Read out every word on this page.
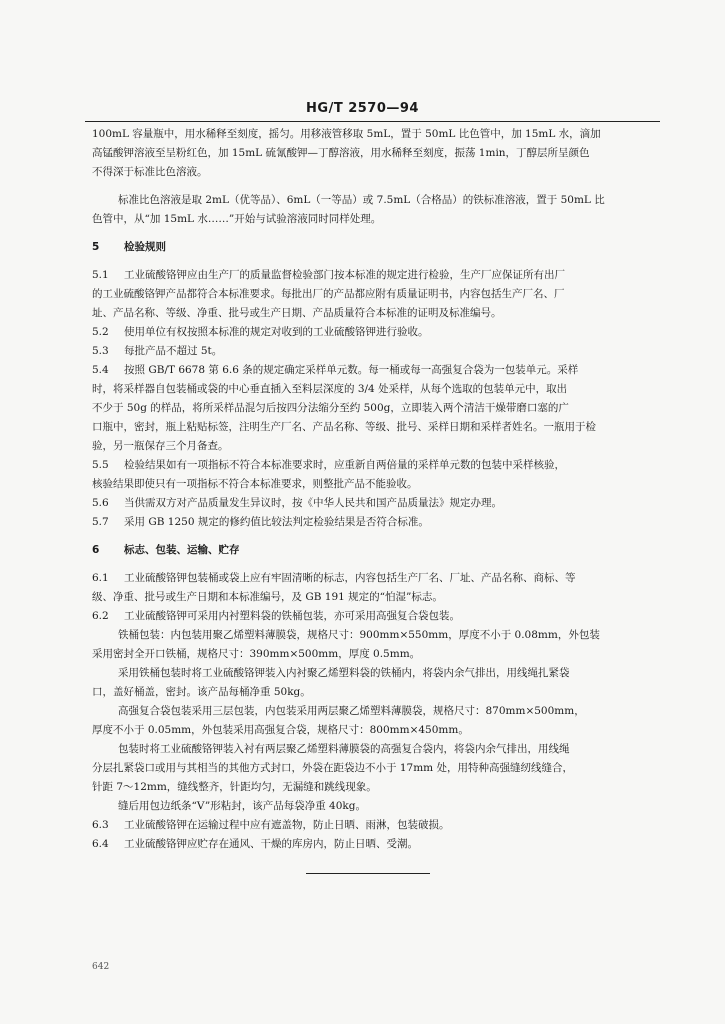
HG/T 2570—94
100mL 容量瓶中，用水稀释至刻度，摇匀。用移液管移取 5mL，置于 50mL 比色管中，加 15mL 水，滴加
高锰酸钾溶液至呈粉红色，加 15mL 硫氰酸钾—丁醇溶液，用水稀释至刻度，振荡 1min，丁醇层所呈颜色
不得深于标准比色溶液。
标准比色溶液是取 2mL（优等品）、6mL（一等品）或 7.5mL（合格品）的铁标准溶液，置于 50mL 比
色管中，从“加 15mL 水……”开始与试验溶液同时同样处理。
5 检验规则
5.1 工业硫酸铬钾应由生产厂的质量监督检验部门按本标准的规定进行检验，生产厂应保证所有出厂
的工业硫酸铬钾产品都符合本标准要求。每批出厂的产品都应附有质量证明书，内容包括生产厂名、厂
址、产品名称、等级、净重、批号或生产日期、产品质量符合本标准的证明及标准编号。
5.2 使用单位有权按照本标准的规定对收到的工业硫酸铬钾进行验收。
5.3 每批产品不超过 5t。
5.4 按照 GB/T 6678 第 6.6 条的规定确定采样单元数。每一桶或每一高强复合袋为一包装单元。采样
时，将采样器自包装桶或袋的中心垂直插入至料层深度的 3/4 处采样，从每个选取的包装单元中，取出
不少于 50g 的样品，将所采样品混匀后按四分法缩分至约 500g，立即装入两个清洁干燥带磨口塞的广
口瓶中，密封，瓶上粘贴标签，注明生产厂名、产品名称、等级、批号、采样日期和采样者姓名。一瓶用于检
验，另一瓶保存三个月备查。
5.5 检验结果如有一项指标不符合本标准要求时，应重新自两倍量的采样单元数的包装中采样核验，
核验结果即使只有一项指标不符合本标准要求，则整批产品不能验收。
5.6 当供需双方对产品质量发生异议时，按《中华人民共和国产品质量法》规定办理。
5.7 采用 GB 1250 规定的修约值比较法判定检验结果是否符合标准。
6 标志、包装、运输、贮存
6.1 工业硫酸铬钾包装桶或袋上应有牢固清晰的标志，内容包括生产厂名、厂址、产品名称、商标、等
级、净重、批号或生产日期和本标准编号，及 GB 191 规定的“怕湿”标志。
6.2 工业硫酸铬钾可采用内衬塑料袋的铁桶包装，亦可采用高强复合袋包装。
铁桶包装：内包装用聚乙烯塑料薄膜袋，规格尺寸：900mm×550mm，厚度不小于 0.08mm，外包装
采用密封全开口铁桶，规格尺寸：390mm×500mm，厚度 0.5mm。
采用铁桶包装时将工业硫酸铬钾装入内衬聚乙烯塑料袋的铁桶内，将袋内余气排出，用线绳扎紧袋
口，盖好桶盖，密封。该产品每桶净重 50kg。
高强复合袋包装采用三层包装，内包装采用两层聚乙烯塑料薄膜袋，规格尺寸：870mm×500mm，
厚度不小于 0.05mm，外包装采用高强复合袋，规格尺寸：800mm×450mm。
包装时将工业硫酸铬钾装入衬有两层聚乙烯塑料薄膜袋的高强复合袋内，将袋内余气排出，用线绳
分层扎紧袋口或用与其相当的其他方式封口，外袋在距袋边不小于 17mm 处，用特种高强缝纫线缝合，
针距 7～12mm，缝线整齐，针距均匀，无漏缝和跳线现象。
缝后用包边纸条“V”形粘封，该产品每袋净重 40kg。
6.3 工业硫酸铬钾在运输过程中应有遮盖物，防止日晒、雨淋，包装破损。
6.4 工业硫酸铬钾应贮存在通风、干燥的库房内，防止日晒、受潮。
642
